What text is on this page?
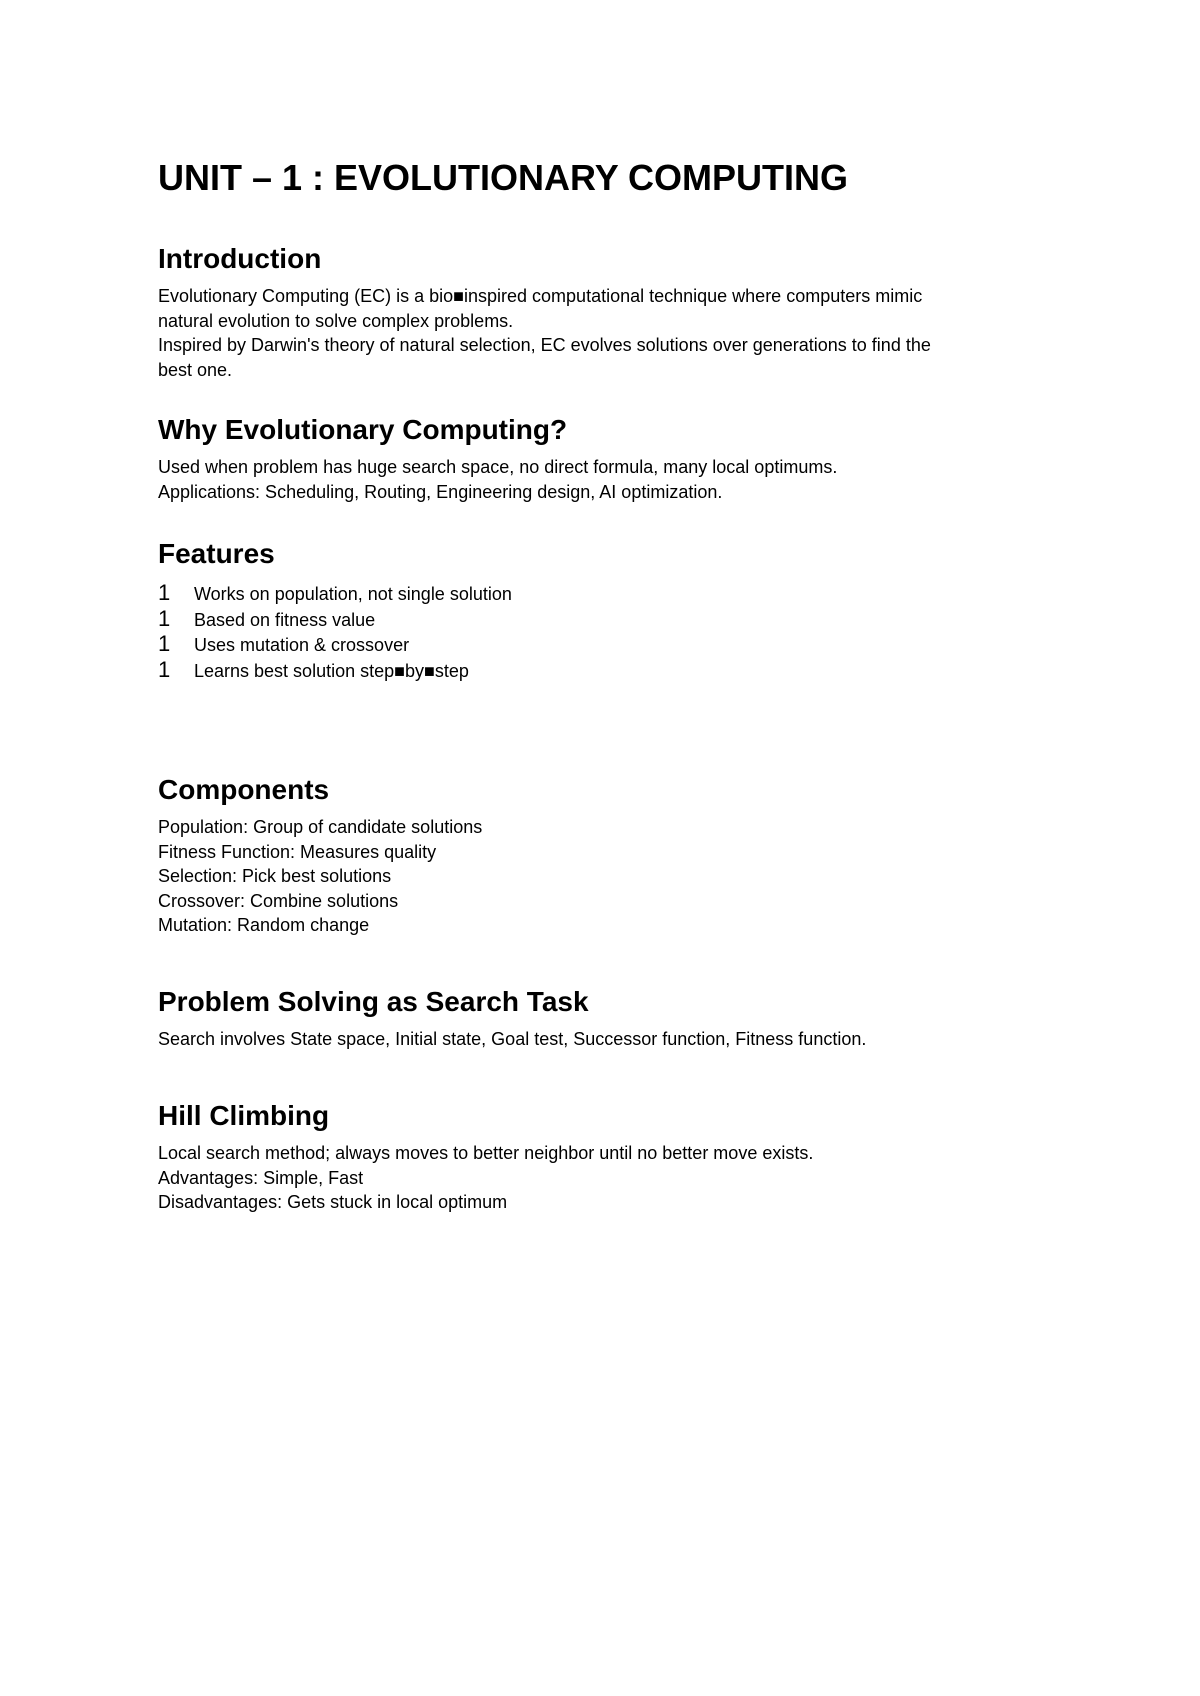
UNIT – 1 : EVOLUTIONARY COMPUTING
Introduction
Evolutionary Computing (EC) is a bio■inspired computational technique where computers mimic
natural evolution to solve complex problems.
Inspired by Darwin's theory of natural selection, EC evolves solutions over generations to find the
best one.
Why Evolutionary Computing?
Used when problem has huge search space, no direct formula, many local optimums.
Applications: Scheduling, Routing, Engineering design, AI optimization.
Features
1	Works on population, not single solution
1	Based on fitness value
1	Uses mutation & crossover
1	Learns best solution step■by■step
Components
Population: Group of candidate solutions
Fitness Function: Measures quality
Selection: Pick best solutions
Crossover: Combine solutions
Mutation: Random change
Problem Solving as Search Task
Search involves State space, Initial state, Goal test, Successor function, Fitness function.
Hill Climbing
Local search method; always moves to better neighbor until no better move exists.
Advantages: Simple, Fast
Disadvantages: Gets stuck in local optimum
